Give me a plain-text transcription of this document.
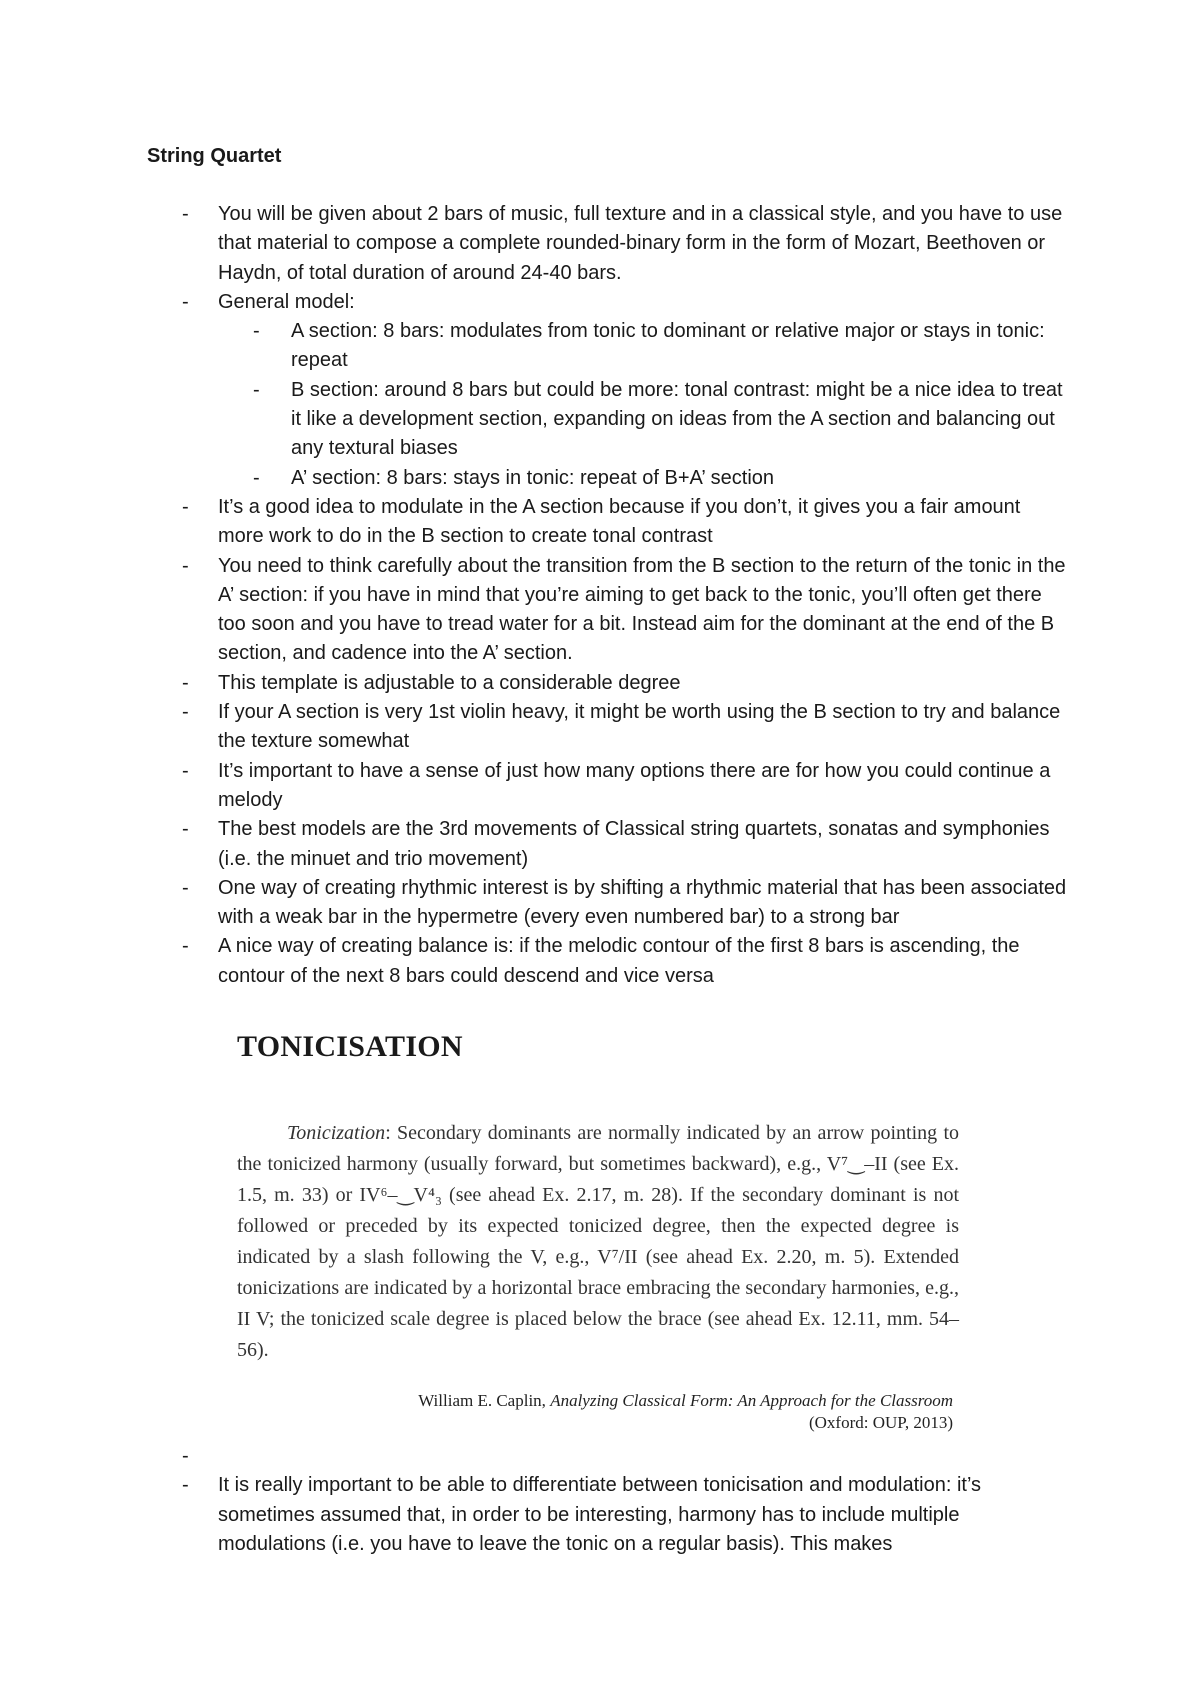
String Quartet
- You will be given about 2 bars of music, full texture and in a classical style, and you have to use that material to compose a complete rounded-binary form in the form of Mozart, Beethoven or Haydn, of total duration of around 24-40 bars.
- General model:
- A section: 8 bars: modulates from tonic to dominant or relative major or stays in tonic: repeat
- B section: around 8 bars but could be more: tonal contrast: might be a nice idea to treat it like a development section, expanding on ideas from the A section and balancing out any textural biases
- A’ section: 8 bars: stays in tonic: repeat of B+A’ section
- It’s a good idea to modulate in the A section because if you don’t, it gives you a fair amount more work to do in the B section to create tonal contrast
- You need to think carefully about the transition from the B section to the return of the tonic in the A’ section: if you have in mind that you’re aiming to get back to the tonic, you’ll often get there too soon and you have to tread water for a bit. Instead aim for the dominant at the end of the B section, and cadence into the A’ section.
- This template is adjustable to a considerable degree
- If your A section is very 1st violin heavy, it might be worth using the B section to try and balance the texture somewhat
- It’s important to have a sense of just how many options there are for how you could continue a melody
- The best models are the 3rd movements of Classical string quartets, sonatas and symphonies (i.e. the minuet and trio movement)
- One way of creating rhythmic interest is by shifting a rhythmic material that has been associated with a weak bar in the hypermetre (every even numbered bar) to a strong bar
- A nice way of creating balance is: if the melodic contour of the first 8 bars is ascending, the contour of the next 8 bars could descend and vice versa
TONICISATION
Tonicization: Secondary dominants are normally indicated by an arrow pointing to the tonicized harmony (usually forward, but sometimes backward), e.g., V⁷‿–II (see Ex. 1.5, m. 33) or IV⁶–‿V⁴₃ (see ahead Ex. 2.17, m. 28). If the secondary dominant is not followed or preceded by its expected tonicized degree, then the expected degree is indicated by a slash following the V, e.g., V⁷/II (see ahead Ex. 2.20, m. 5). Extended tonicizations are indicated by a horizontal brace embracing the secondary harmonies, e.g., II V; the tonicized scale degree is placed below the brace (see ahead Ex. 12.11, mm. 54–56).
William E. Caplin, Analyzing Classical Form: An Approach for the Classroom
(Oxford: OUP, 2013)
-

- It is really important to be able to differentiate between tonicisation and modulation: it’s sometimes assumed that, in order to be interesting, harmony has to include multiple modulations (i.e. you have to leave the tonic on a regular basis). This makes
